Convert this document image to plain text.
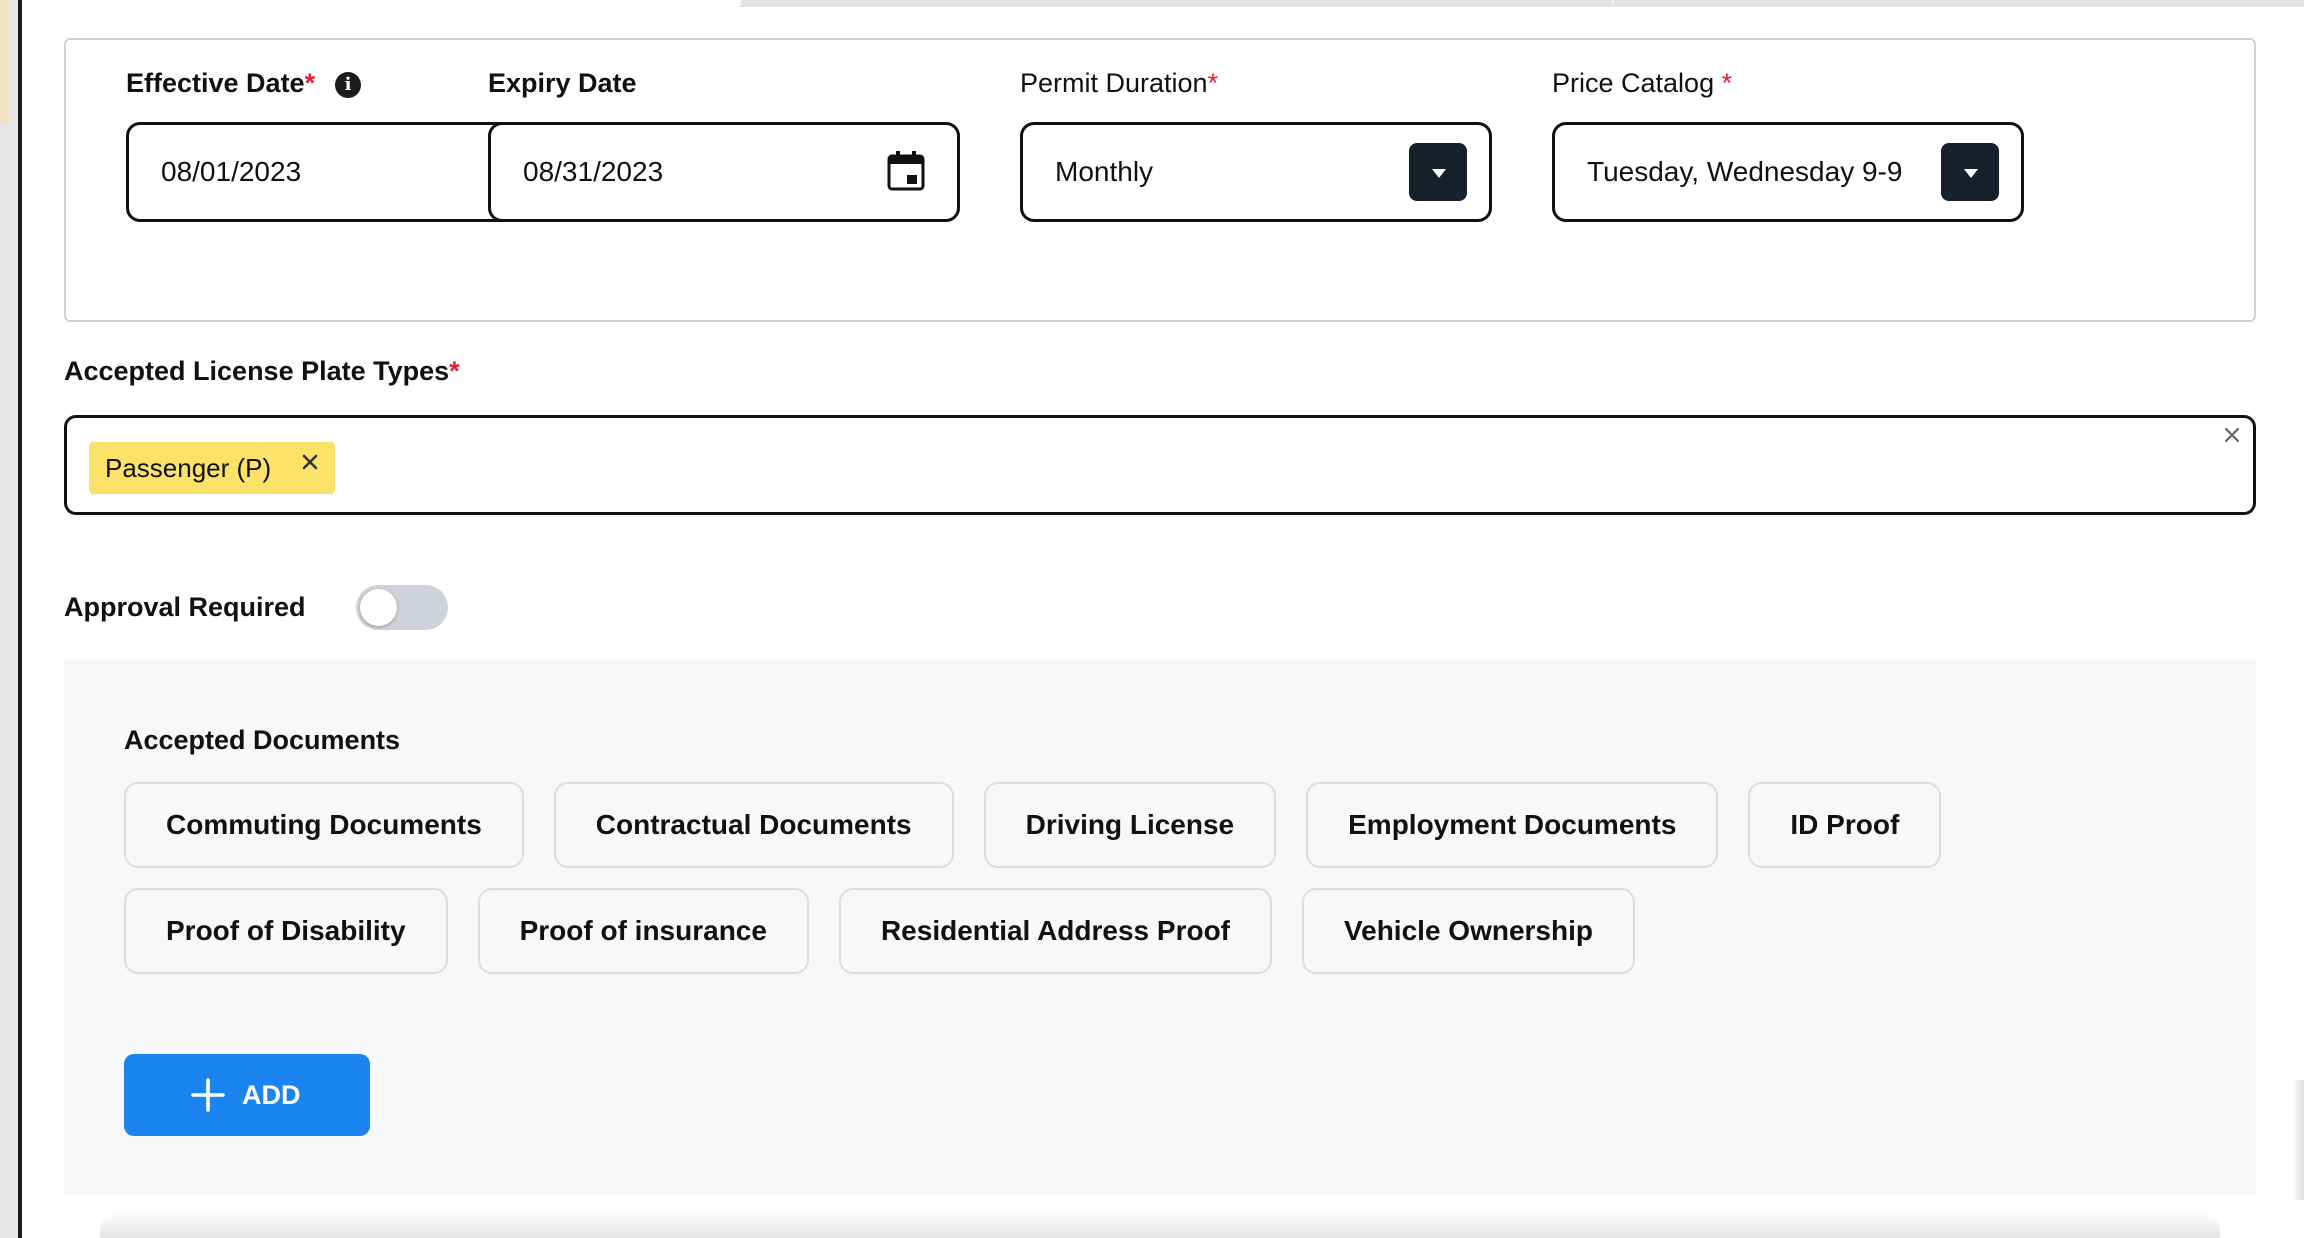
Effective Date* i
08/01/2023
Expiry Date
08/31/2023
Permit Duration*
Monthly
Price Catalog *
Tuesday, Wednesday 9-9
Accepted License Plate Types*
Passenger (P)
Approval Required
Accepted Documents
Commuting Documents	Contractual Documents	Driving License	Employment Documents	ID Proof
Proof of Disability	Proof of insurance	Residential Address Proof	Vehicle Ownership
ADD
